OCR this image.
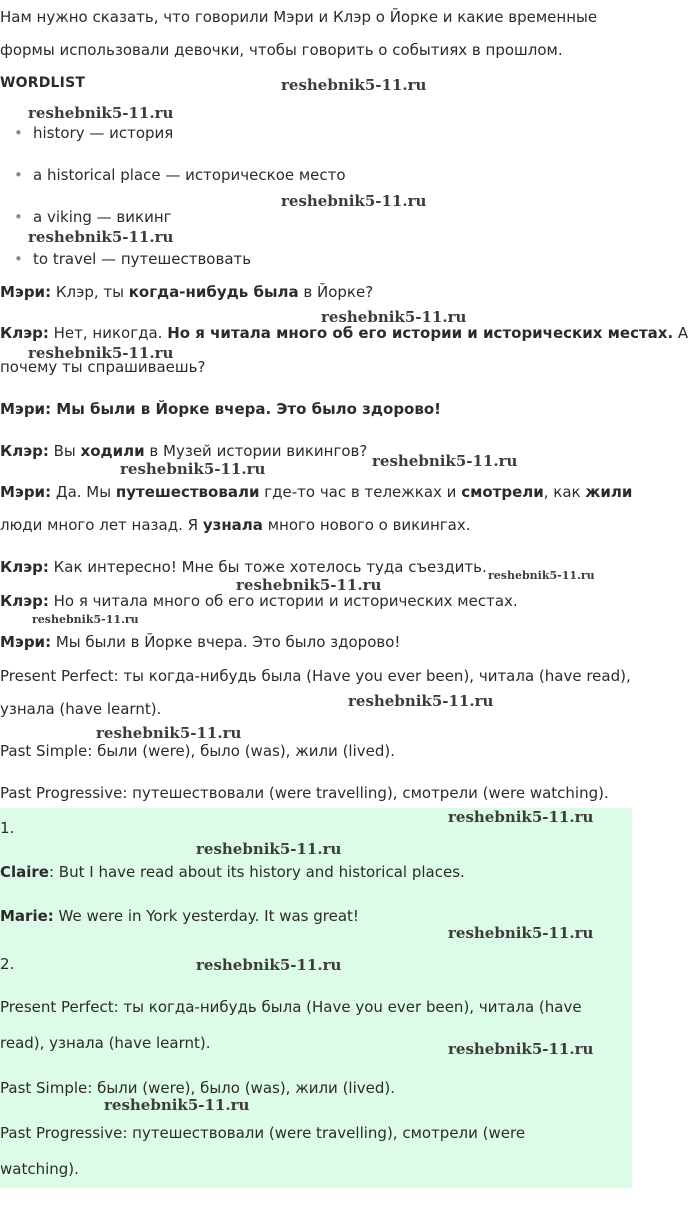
Нам нужно сказать, что говорили Мэри и Клэр о Йорке и какие временные
формы использовали девочки, чтобы говорить о событиях в прошлом.
WORDLIST
• history — история
• a historical place — историческое место
• a viking — викинг
• to travel — путешествовать
Мэри: Клэр, ты когда-нибудь была в Йорке?
Клэр: Нет, никогда. Но я читала много об его истории и исторических местах. А
почему ты спрашиваешь?
Мэри: Мы были в Йорке вчера. Это было здорово!
Клэр: Вы ходили в Музей истории викингов?
Мэри: Да. Мы путешествовали где-то час в тележках и смотрели, как жили
люди много лет назад. Я узнала много нового о викингах.
Клэр: Как интересно! Мне бы тоже хотелось туда съездить.
Клэр: Но я читала много об его истории и исторических местах.
Мэри: Мы были в Йорке вчера. Это было здорово!
Present Perfect: ты когда-нибудь была (Have you ever been), читала (have read),
узнала (have learnt).
Past Simple: были (were), было (was), жили (lived).
Past Progressive: путешествовали (were travelling), смотрели (were watching).
1.
Claire: But I have read about its history and historical places.
Marie: We were in York yesterday. It was great!
2.
Present Perfect: ты когда-нибудь была (Have you ever been), читала (have
read), узнала (have learnt).
Past Simple: были (were), было (was), жили (lived).
Past Progressive: путешествовали (were travelling), смотрели (were
watching).
reshebnik5-11.ru
reshebnik5-11.ru
reshebnik5-11.ru
reshebnik5-11.ru
reshebnik5-11.ru
reshebnik5-11.ru
reshebnik5-11.ru
reshebnik5-11.ru
reshebnik5-11.ru
reshebnik5-11.ru
reshebnik5-11.ru
reshebnik5-11.ru
reshebnik5-11.ru
reshebnik5-11.ru
reshebnik5-11.ru
reshebnik5-11.ru
reshebnik5-11.ru
reshebnik5-11.ru
reshebnik5-11.ru
